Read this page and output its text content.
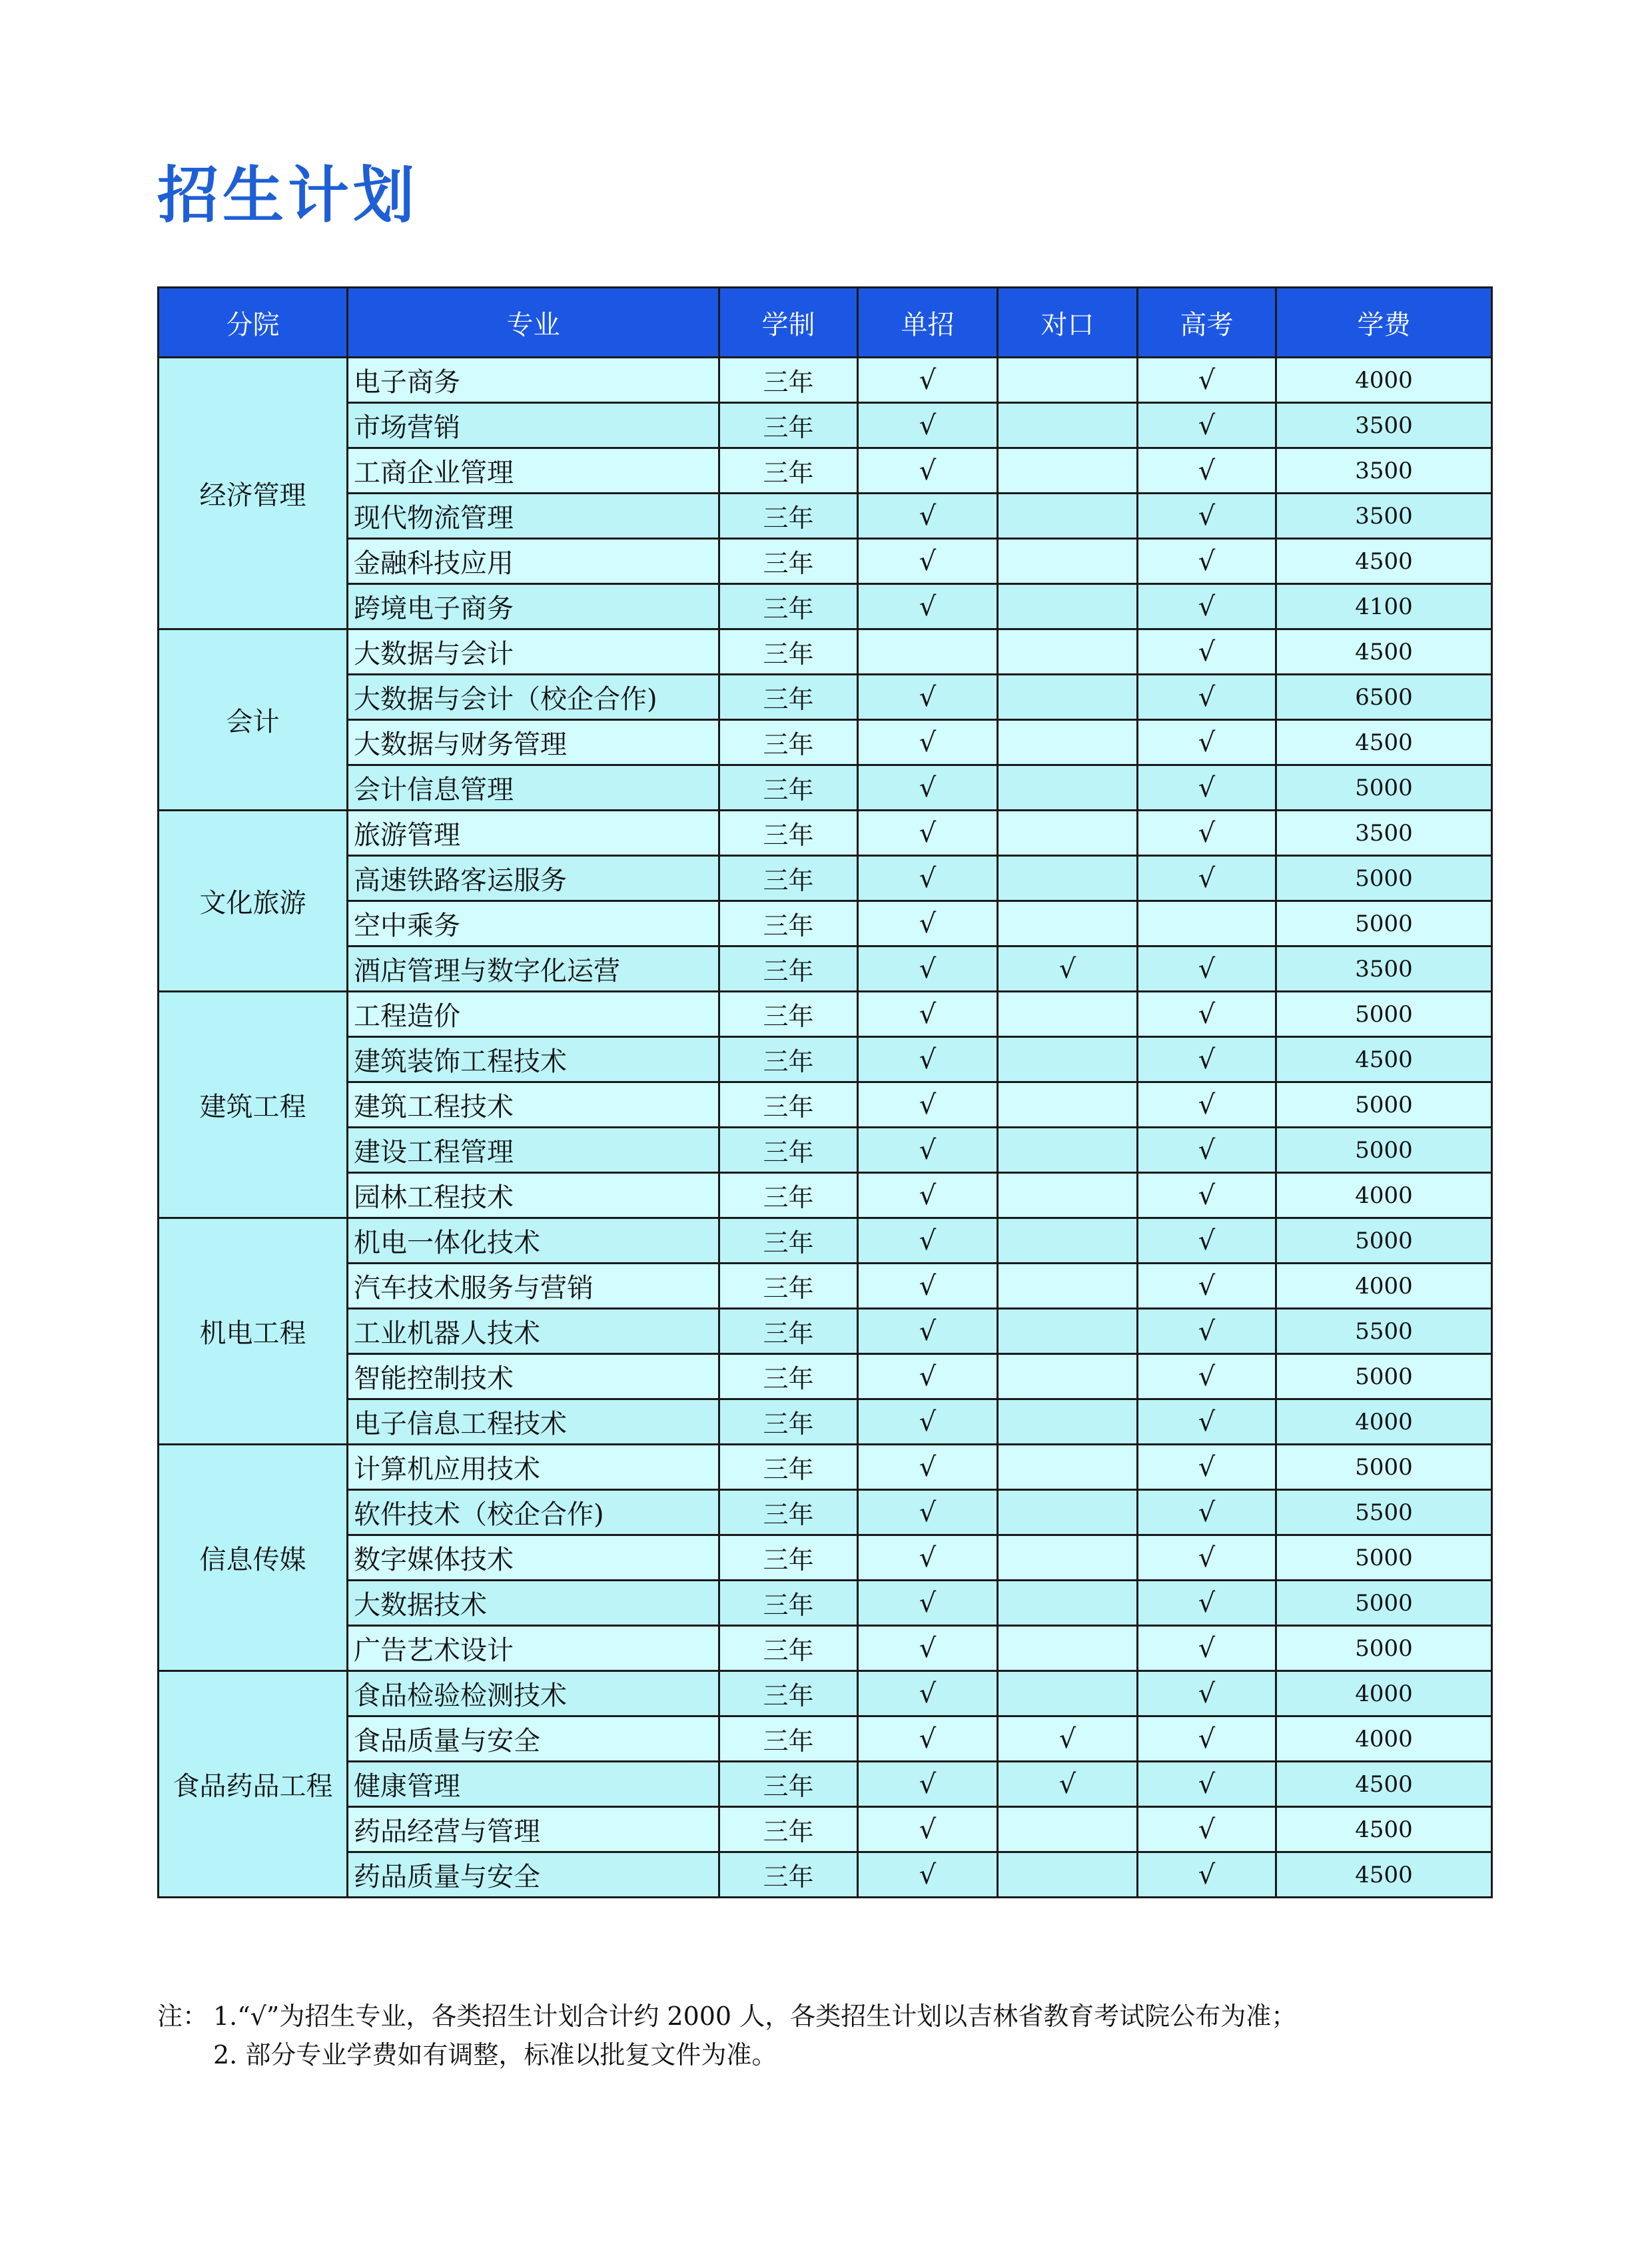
招生计划
分院	专业	学制	单招	对口	高考	学费
经济管理	电子商务	三年	√		√	4000
	市场营销	三年	√		√	3500
	工商企业管理	三年	√		√	3500
	现代物流管理	三年	√		√	3500
	金融科技应用	三年	√		√	4500
	跨境电子商务	三年	√		√	4100
会计	大数据与会计	三年			√	4500
	大数据与会计（校企合作)	三年	√		√	6500
	大数据与财务管理	三年	√		√	4500
	会计信息管理	三年	√		√	5000
文化旅游	旅游管理	三年	√		√	3500
	高速铁路客运服务	三年	√		√	5000
	空中乘务	三年	√			5000
	酒店管理与数字化运营	三年	√	√	√	3500
建筑工程	工程造价	三年	√		√	5000
	建筑装饰工程技术	三年	√		√	4500
	建筑工程技术	三年	√		√	5000
	建设工程管理	三年	√		√	5000
	园林工程技术	三年	√		√	4000
机电工程	机电一体化技术	三年	√		√	5000
	汽车技术服务与营销	三年	√		√	4000
	工业机器人技术	三年	√		√	5500
	智能控制技术	三年	√		√	5000
	电子信息工程技术	三年	√		√	4000
信息传媒	计算机应用技术	三年	√		√	5000
	软件技术（校企合作)	三年	√		√	5500
	数字媒体技术	三年	√		√	5000
	大数据技术	三年	√		√	5000
	广告艺术设计	三年	√		√	5000
食品药品工程	食品检验检测技术	三年	√		√	4000
	食品质量与安全	三年	√	√	√	4000
	健康管理	三年	√	√	√	4500
	药品经营与管理	三年	√		√	4500
	药品质量与安全	三年	√		√	4500
注： 1.“√”为招生专业，各类招生计划合计约 2000 人，各类招生计划以吉林省教育考试院公布为准；
2. 部分专业学费如有调整，标准以批复文件为准。
